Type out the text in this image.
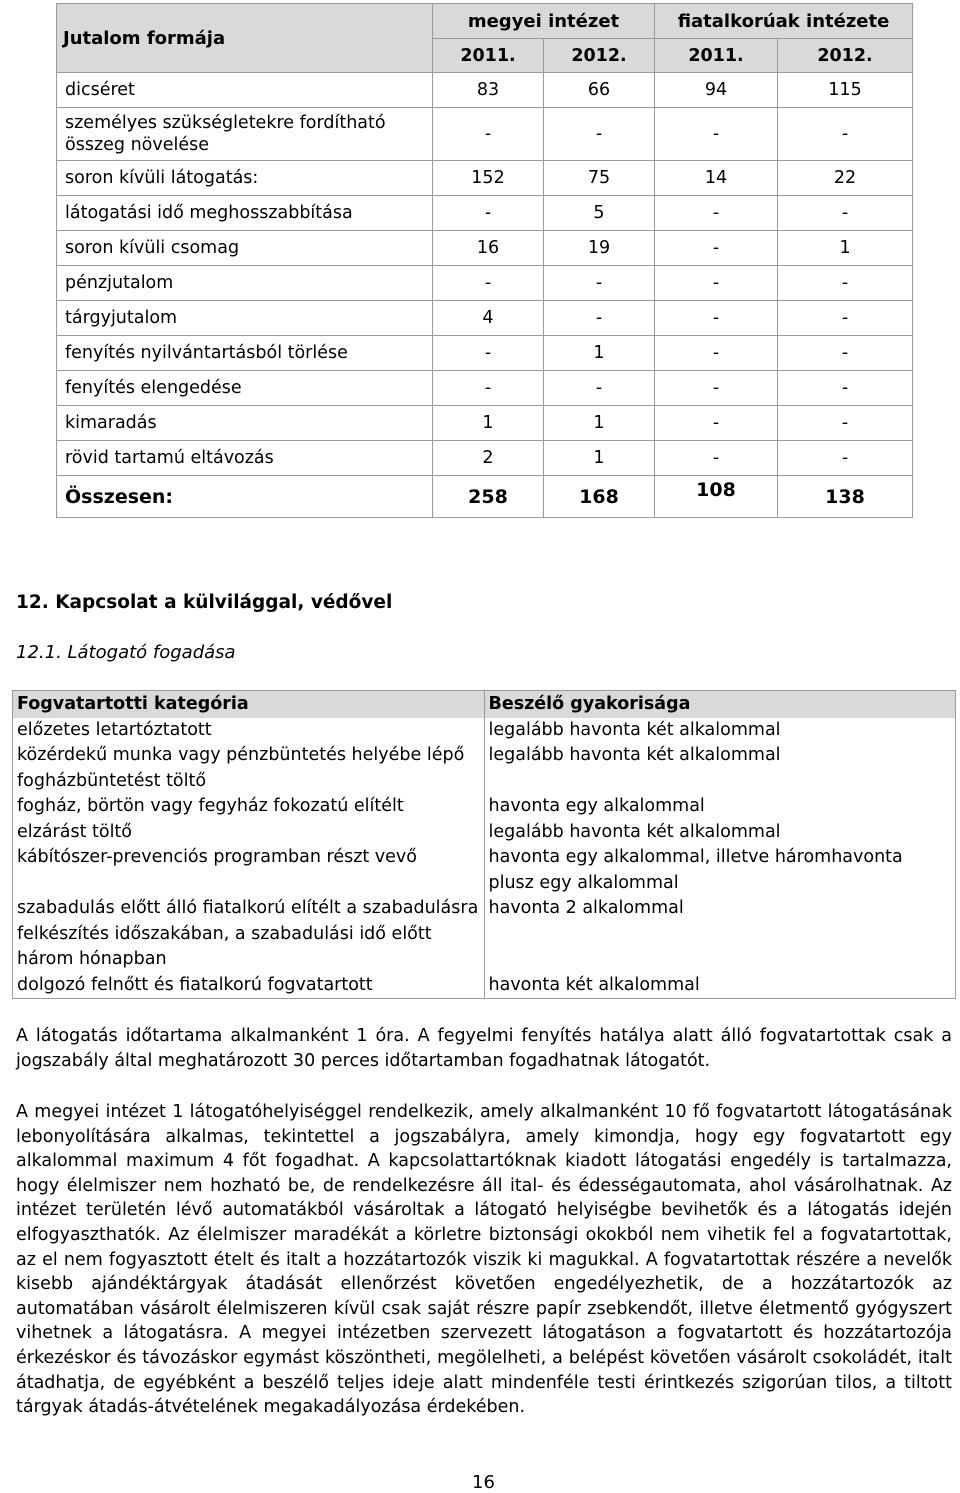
Jutalom formája	megyei intézet		fiatalkorúak intézete	
	2011.	2012.	2011.	2012.
dicséret	83	66	94	115
személyes szükségletekre fordítható összeg növelése	-	-	-	-
soron kívüli látogatás:	152	75	14	22
látogatási idő meghosszabbítása	-	5	-	-
soron kívüli csomag	16	19	-	1
pénzjutalom	-	-	-	-
tárgyjutalom	4	-	-	-
fenyítés nyilvántartásból törlése	-	1	-	-
fenyítés elengedése	-	-	-	-
kimaradás	1	1	-	-
rövid tartamú eltávozás	2	1	-	-
Összesen:	258	168	108	138
12. Kapcsolat a külvilággal, védővel
12.1. Látogató fogadása
Fogvatartotti kategória	Beszélő gyakorisága
előzetes letartóztatott	legalább havonta két alkalommal
közérdekű munka vagy pénzbüntetés helyébe lépő fogházbüntetést töltő	legalább havonta két alkalommal
fogház, börtön vagy fegyház fokozatú elítélt	havonta egy alkalommal
elzárást töltő	legalább havonta két alkalommal
kábítószer-prevenciós programban részt vevő	havonta egy alkalommal, illetve háromhavonta plusz egy alkalommal
szabadulás előtt álló fiatalkorú elítélt a szabadulásra felkészítés időszakában, a szabadulási idő előtt három hónapban	havonta 2 alkalommal
dolgozó felnőtt és fiatalkorú fogvatartott	havonta két alkalommal
A látogatás időtartama alkalmanként 1 óra. A fegyelmi fenyítés hatálya alatt álló fogvatartottak csak a jogszabály által meghatározott 30 perces időtartamban fogadhatnak látogatót.
A megyei intézet 1 látogatóhelyiséggel rendelkezik, amely alkalmanként 10 fő fogvatartott látogatásának lebonyolítására alkalmas, tekintettel a jogszabályra, amely kimondja, hogy egy fogvatartott egy alkalommal maximum 4 főt fogadhat. A kapcsolattartóknak kiadott látogatási engedély is tartalmazza, hogy élelmiszer nem hozható be, de rendelkezésre áll ital- és édességautomata, ahol vásárolhatnak. Az intézet területén lévő automatákból vásároltak a látogató helyiségbe bevihetők és a látogatás idején elfogyaszthatók. Az élelmiszer maradékát a körletre biztonsági okokból nem vihetik fel a fogvatartottak, az el nem fogyasztott ételt és italt a hozzátartozók viszik ki magukkal. A fogvatartottak részére a nevelők kisebb ajándéktárgyak átadását ellenőrzést követően engedélyezhetik, de a hozzátartozók az automatában vásárolt élelmiszeren kívül csak saját részre papír zsebkendőt, illetve életmentő gyógyszert vihetnek a látogatásra. A megyei intézetben szervezett látogatáson a fogvatartott és hozzátartozója érkezéskor és távozáskor egymást köszöntheti, megölelheti, a belépést követően vásárolt csokoládét, italt átadhatja, de egyébként a beszélő teljes ideje alatt mindenféle testi érintkezés szigorúan tilos, a tiltott tárgyak átadás-átvételének megakadályozása érdekében.
16
